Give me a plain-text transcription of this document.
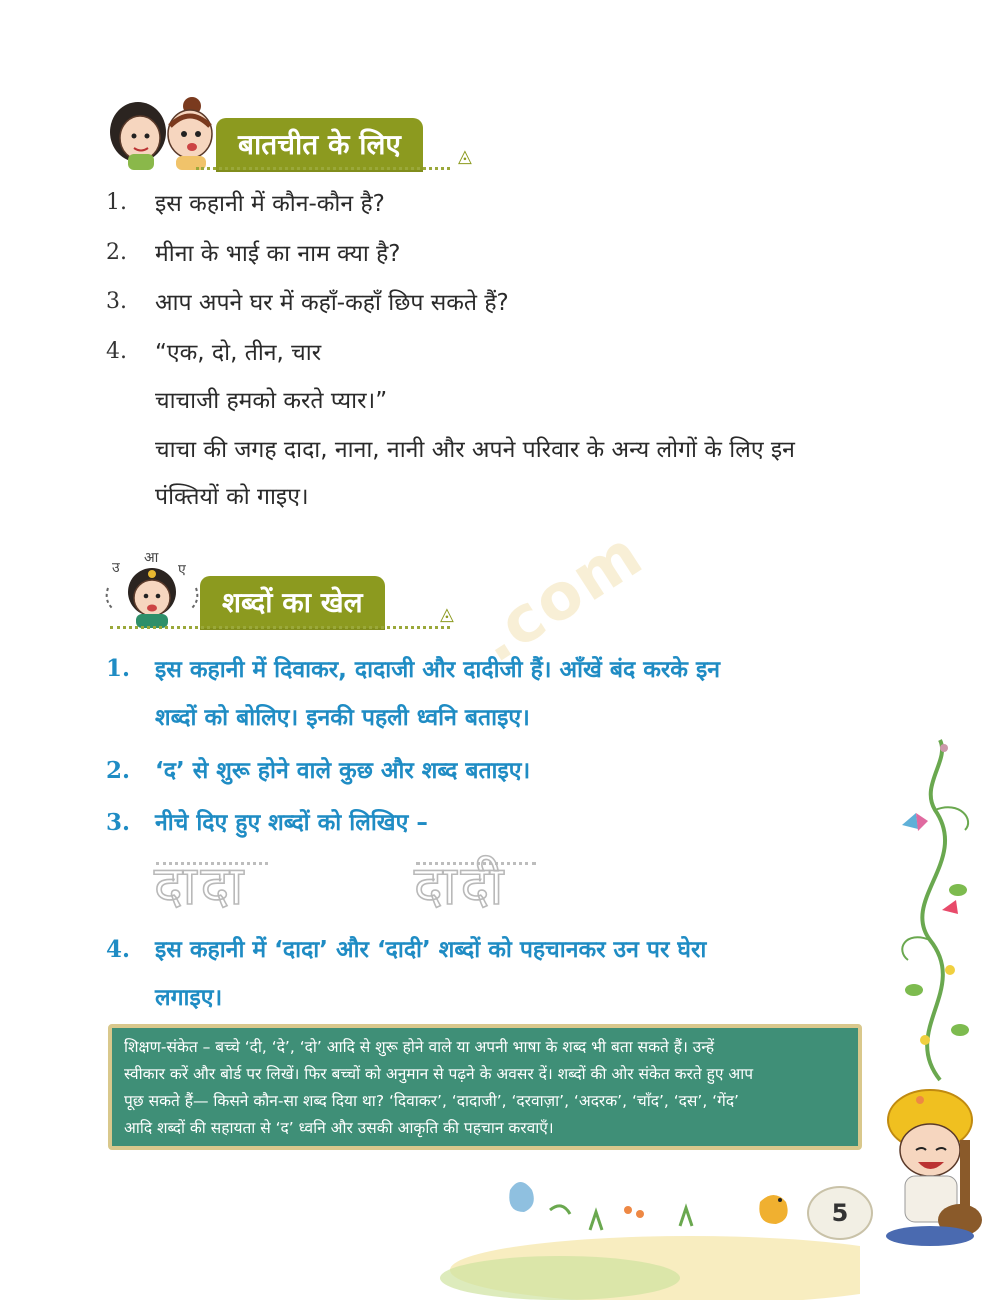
.com
बातचीत के लिए	◬
1. इस कहानी में कौन-कौन है?
2. मीना के भाई का नाम क्या है?
3. आप अपने घर में कहाँ-कहाँ छिप सकते हैं?
4. “एक, दो, तीन, चार
चाचाजी हमको करते प्यार।”
चाचा की जगह दादा, नाना, नानी और अपने परिवार के अन्य लोगों के लिए इन
पंक्तियों को गाइए।
उ
आ
ए
शब्दों का खेल	◬
1. इस कहानी में दिवाकर, दादाजी और दादीजी हैं। आँखें बंद करके इन
शब्दों को बोलिए। इनकी पहली ध्वनि बताइए।
2. ‘द’ से शुरू होने वाले कुछ और शब्द बताइए।
3. नीचे दिए हुए शब्दों को लिखिए –
दादा	दादी
4. इस कहानी में ‘दादा’ और ‘दादी’ शब्दों को पहचानकर उन पर घेरा
लगाइए।
शिक्षण-संकेत – बच्चे ‘दी, ‘दे’, ‘दो’ आदि से शुरू होने वाले या अपनी भाषा के शब्द भी बता सकते हैं। उन्हें
स्वीकार करें और बोर्ड पर लिखें। फिर बच्चों को अनुमान से पढ़ने के अवसर दें। शब्दों की ओर संकेत करते हुए आप
पूछ सकते हैं— किसने कौन-सा शब्द दिया था? ‘दिवाकर’, ‘दादाजी’, ‘दरवाज़ा’, ‘अदरक’, ‘चाँद’, ‘दस’, ‘गेंद’
आदि शब्दों की सहायता से ‘द’ ध्वनि और उसकी आकृति की पहचान करवाएँ।
5
